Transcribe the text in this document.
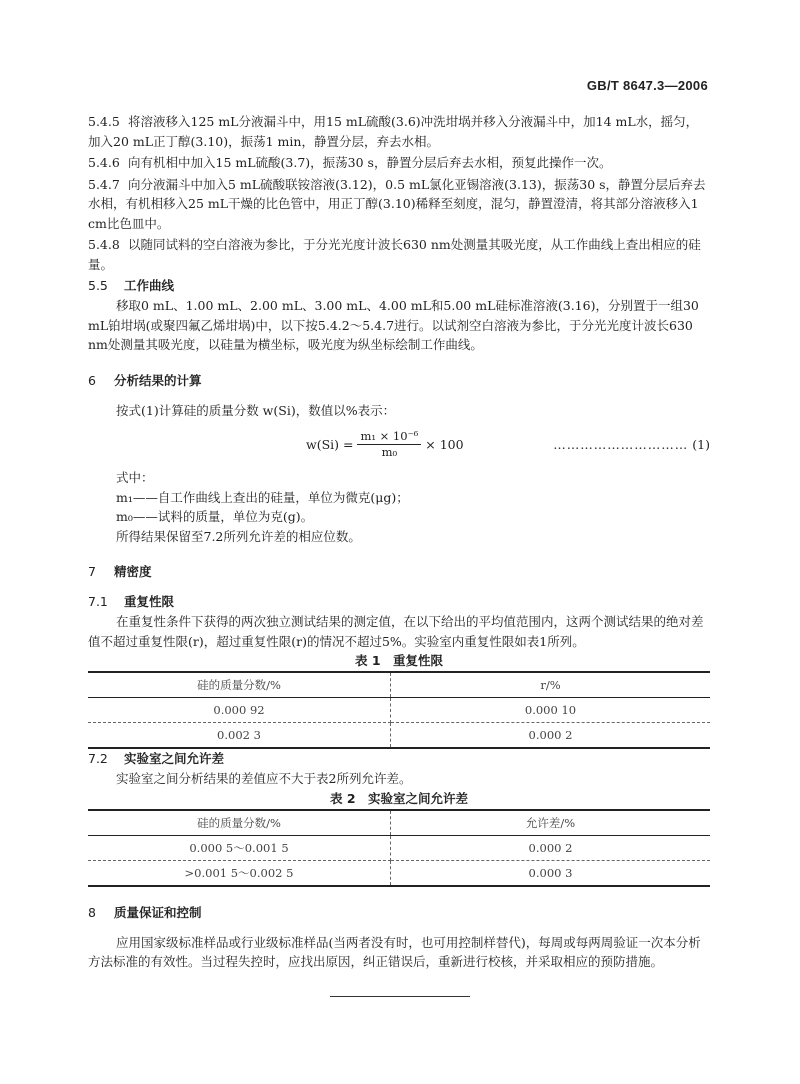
GB/T 8647.3—2006

5.4.5 将溶液移入125 mL分液漏斗中，用15 mL硫酸(3.6)冲洗坩埚并移入分液漏斗中，加14 mL水，摇匀，加入20 mL正丁醇(3.10)，振荡1 min，静置分层，弃去水相。

5.4.6 向有机相中加入15 mL硫酸(3.7)，振荡30 s，静置分层后弃去水相，预复此操作一次。

5.4.7 向分液漏斗中加入5 mL硫酸联铵溶液(3.12)，0.5 mL氯化亚锡溶液(3.13)，振荡30 s，静置分层后弃去水相，有机相移入25 mL干燥的比色管中，用正丁醇(3.10)稀释至刻度，混匀，静置澄清，将其部分溶液移入1 cm比色皿中。

5.4.8 以随同试料的空白溶液为参比，于分光光度计波长630 nm处测量其吸光度，从工作曲线上查出相应的硅量。

5.5 工作曲线

移取0 mL、1.00 mL、2.00 mL、3.00 mL、4.00 mL和5.00 mL硅标准溶液(3.16)，分别置于一组30 mL铂坩埚(或聚四氟乙烯坩埚)中，以下按5.4.2～5.4.7进行。以试剂空白溶液为参比，于分光光度计波长630 nm处测量其吸光度，以硅量为横坐标，吸光度为纵坐标绘制工作曲线。

6 分析结果的计算

按式(1)计算硅的质量分数 w(Si)，数值以%表示：

$w(Si) = \frac{\text{m₁ × 10⁻⁶}}{\text{m₀}} \times 100$	………………………… (1)

式中：

m₁——自工作曲线上查出的硅量，单位为微克(μg)；

m₀——试料的质量，单位为克(g)。

所得结果保留至7.2所列允许差的相应位数。

7 精密度

7.1 重复性限

在重复性条件下获得的两次独立测试结果的测定值，在以下给出的平均值范围内，这两个测试结果的绝对差值不超过重复性限(r)，超过重复性限(r)的情况不超过5%。实验室内重复性限如表1所列。

表 1　重复性限

硅的质量分数/%	r/%
0.000 92	0.000 10
0.002 3	0.000 2

7.2 实验室之间允许差

实验室之间分析结果的差值应不大于表2所列允许差。

表 2　实验室之间允许差

硅的质量分数/%	允许差/%
0.000 5～0.001 5	0.000 2
>0.001 5～0.002 5	0.000 3

8 质量保证和控制

应用国家级标准样品或行业级标准样品(当两者没有时，也可用控制样替代)，每周或每两周验证一次本分析方法标准的有效性。当过程失控时，应找出原因，纠正错误后，重新进行校核，并采取相应的预防措施。
